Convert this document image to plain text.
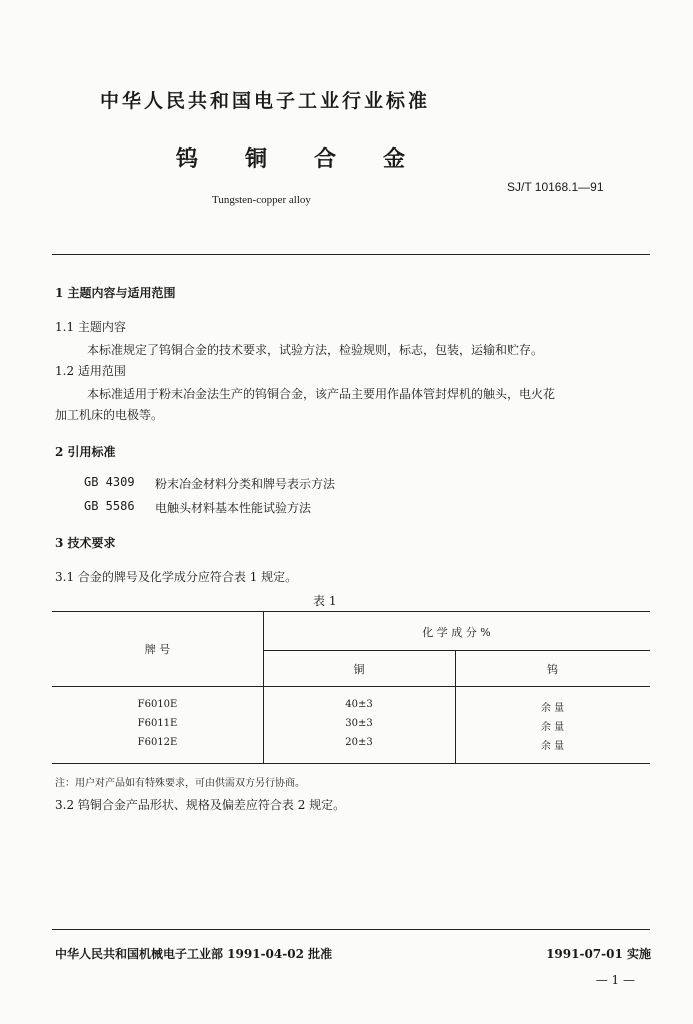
中华人民共和国电子工业行业标准
钨铜合金
SJ/T 10168.1—91
Tungsten-copper alloy
1 主题内容与适用范围
1.1 主题内容
本标准规定了钨铜合金的技术要求，试验方法，检验规则，标志，包装，运输和贮存。
1.2 适用范围
本标准适用于粉末冶金法生产的钨铜合金，该产品主要用作晶体管封焊机的触头，电火花
加工机床的电极等。
2 引用标准
GB 4309 粉末冶金材料分类和牌号表示方法
GB 5586 电触头材料基本性能试验方法
3 技术要求
3.1 合金的牌号及化学成分应符合表 1 规定。
表 1
牌 号
化 学 成 分 %
铜	钨
F6010E	40±3	余 量
F6011E	30±3	余 量
F6012E	20±3	余 量
注：用户对产品如有特殊要求，可由供需双方另行协商。
3.2 钨铜合金产品形状、规格及偏差应符合表 2 规定。
中华人民共和国机械电子工业部 1991-04-02 批准	1991-07-01 实施
— 1 —
